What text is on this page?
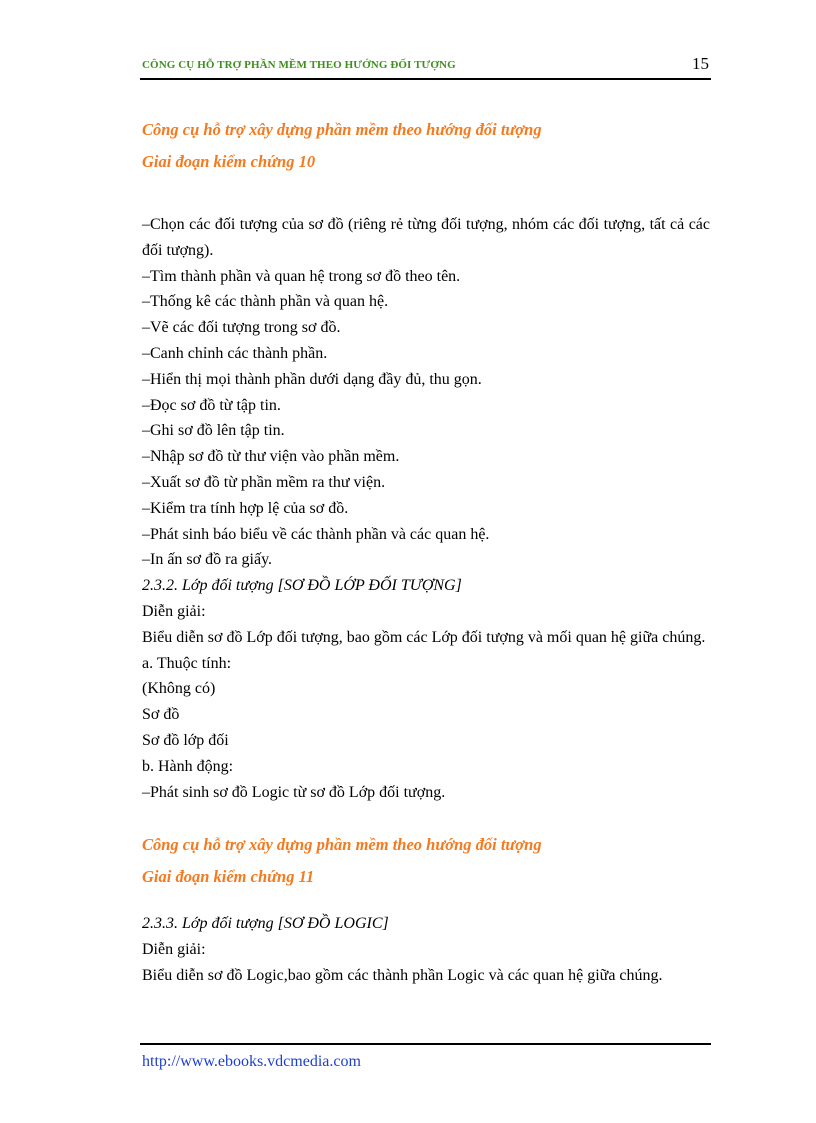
CÔNG CỤ HỖ TRỢ PHẦN MỀM THEO HƯỚNG ĐỐI TƯỢNG	15

Công cụ hỗ trợ xây dựng phần mềm theo hướng đối tượng

Giai đoạn kiểm chứng 10

–Chọn các đối tượng của sơ đồ (riêng rẻ từng đối tượng, nhóm các đối tượng, tất cả các đối tượng).

–Tìm thành phần và quan hệ trong sơ đồ theo tên.

–Thống kê các thành phần và quan hệ.

–Vẽ các đối tượng trong sơ đồ.

–Canh chỉnh các thành phần.

–Hiển thị mọi thành phần dưới dạng đầy đủ, thu gọn.

–Đọc sơ đồ từ tập tin.

–Ghi sơ đồ lên tập tin.

–Nhập sơ đồ từ thư viện vào phần mềm.

–Xuất sơ đồ từ phần mềm ra thư viện.

–Kiểm tra tính hợp lệ của sơ đồ.

–Phát sinh báo biểu về các thành phần và các quan hệ.

–In ấn sơ đồ ra giấy.

2.3.2. Lớp đối tượng [SƠ ĐỒ LỚP ĐỐI TƯỢNG]

Diễn giải:

Biểu diễn sơ đồ Lớp đối tượng, bao gồm các Lớp đối tượng và mối quan hệ giữa chúng.

a. Thuộc tính:

(Không có)

Sơ đồ

Sơ đồ lớp đối

b. Hành động:

–Phát sinh sơ đồ Logic từ sơ đồ Lớp đối tượng.

Công cụ hỗ trợ xây dựng phần mềm theo hướng đối tượng

Giai đoạn kiểm chứng 11

2.3.3. Lớp đối tượng [SƠ ĐỒ LOGIC]

Diễn giải:

Biểu diễn sơ đồ Logic,bao gồm các thành phần Logic và các quan hệ giữa chúng.

http://www.ebooks.vdcmedia.com
